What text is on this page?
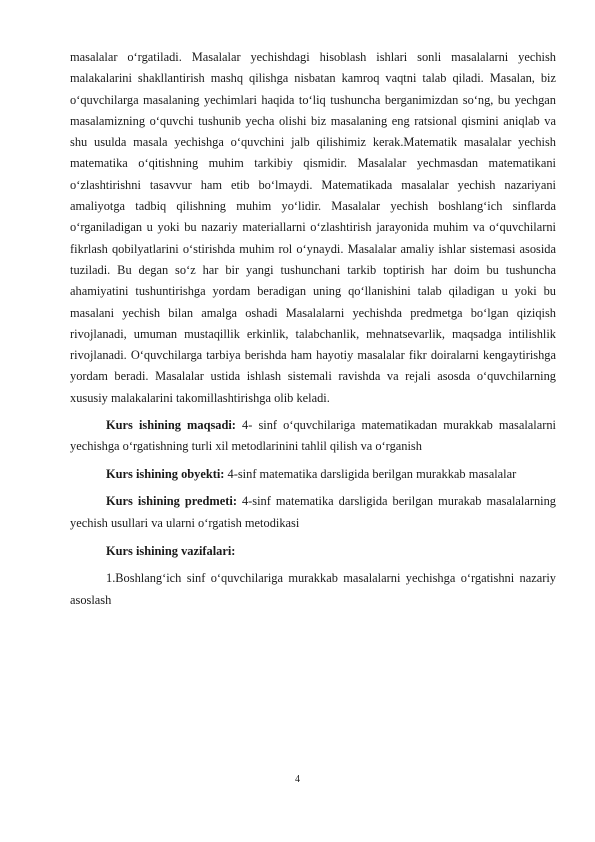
masalalar o‘rgatiladi. Masalalar yechishdagi hisoblash ishlari sonli masalalarni yechish malakalarini shakllantirish mashq qilishga nisbatan kamroq vaqtni talab qiladi. Masalan, biz o‘quvchilarga masalaning yechimlari haqida to‘liq tushuncha berganimizdan so‘ng, bu yechgan masalamizning o‘quvchi tushunib yecha olishi biz masalaning eng ratsional qismini aniqlab va shu usulda masala yechishga o‘quvchini jalb qilishimiz kerak.Matematik masalalar yechish matematika o‘qitishning muhim tarkibiy qismidir. Masalalar yechmasdan matematikani o‘zlashtirishni tasavvur ham etib bo‘lmaydi. Matematikada masalalar yechish nazariyani amaliyotga tadbiq qilishning muhim yo‘lidir. Masalalar yechish boshlang‘ich sinflarda o‘rganiladigan u yoki bu nazariy materiallarni o‘zlashtirish jarayonida muhim va o‘quvchilarni fikrlash qobilyatlarini o‘stirishda muhim rol o‘ynaydi. Masalalar amaliy ishlar sistemasi asosida tuziladi. Bu degan so‘z har bir yangi tushunchani tarkib toptirish har doim bu tushuncha ahamiyatini tushuntirishga yordam beradigan uning qo‘llanishini talab qiladigan u yoki bu masalani yechish bilan amalga oshadi Masalalarni yechishda predmetga bo‘lgan qiziqish rivojlanadi, umuman mustaqillik erkinlik, talabchanlik, mehnatsevarlik, maqsadga intilishlik rivojlanadi. O‘quvchilarga tarbiya berishda ham hayotiy masalalar fikr doiralarni kengaytirishga yordam beradi. Masalalar ustida ishlash sistemali ravishda va rejali asosda o‘quvchilarning xususiy malakalarini takomillashtirishga olib keladi.

Kurs ishining maqsadi: 4- sinf o‘quvchilariga matematikadan murakkab masalalarni yechishga o‘rgatishning turli xil metodlarinini tahlil qilish va o‘rganish

Kurs ishining obyekti: 4-sinf matematika darsligida berilgan murakkab masalalar

Kurs ishining predmeti: 4-sinf matematika darsligida berilgan murakab masalalarning yechish usullari va ularni o‘rgatish metodikasi

Kurs ishining vazifalari:

1.Boshlang‘ich sinf o‘quvchilariga murakkab masalalarni yechishga o‘rgatishni nazariy asoslash

4
